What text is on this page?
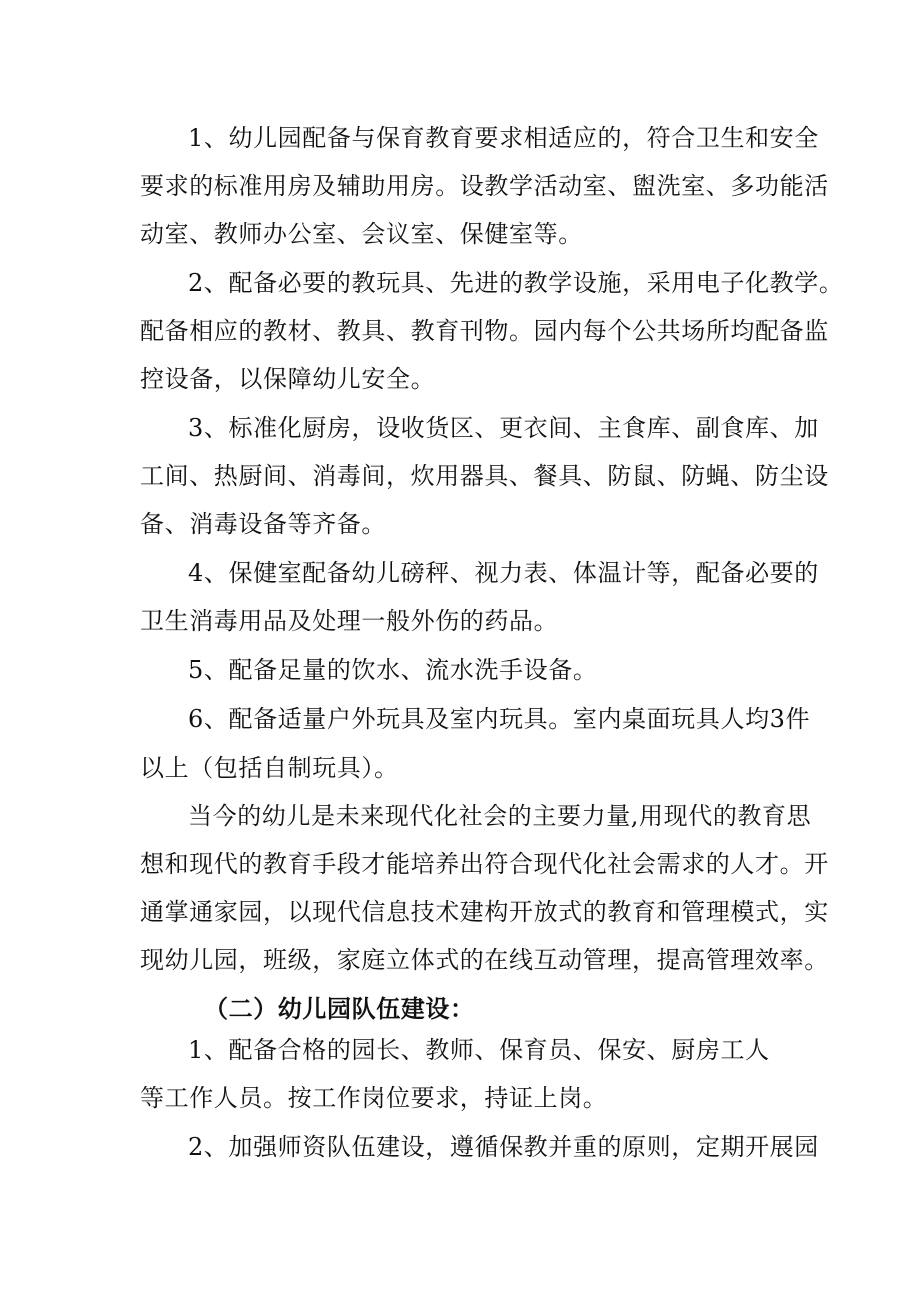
1、幼儿园配备与保育教育要求相适应的，符合卫生和安全
要求的标准用房及辅助用房。设教学活动室、盥洗室、多功能活
动室、教师办公室、会议室、保健室等。
2、配备必要的教玩具、先进的教学设施，采用电子化教学。
配备相应的教材、教具、教育刊物。园内每个公共场所均配备监
控设备，以保障幼儿安全。
3、标准化厨房，设收货区、更衣间、主食库、副食库、加
工间、热厨间、消毒间，炊用器具、餐具、防鼠、防蝇、防尘设
备、消毒设备等齐备。
4、保健室配备幼儿磅秤、视力表、体温计等，配备必要的
卫生消毒用品及处理一般外伤的药品。
5、配备足量的饮水、流水洗手设备。
6、配备适量户外玩具及室内玩具。室内桌面玩具人均3件
以上（包括自制玩具）。
当今的幼儿是未来现代化社会的主要力量,用现代的教育思
想和现代的教育手段才能培养出符合现代化社会需求的人才。开
通掌通家园，以现代信息技术建构开放式的教育和管理模式，实
现幼儿园，班级，家庭立体式的在线互动管理，提高管理效率。
（二）幼儿园队伍建设：
1、配备合格的园长、教师、保育员、保安、厨房工人
等工作人员。按工作岗位要求，持证上岗。
2、加强师资队伍建设，遵循保教并重的原则，定期开展园
